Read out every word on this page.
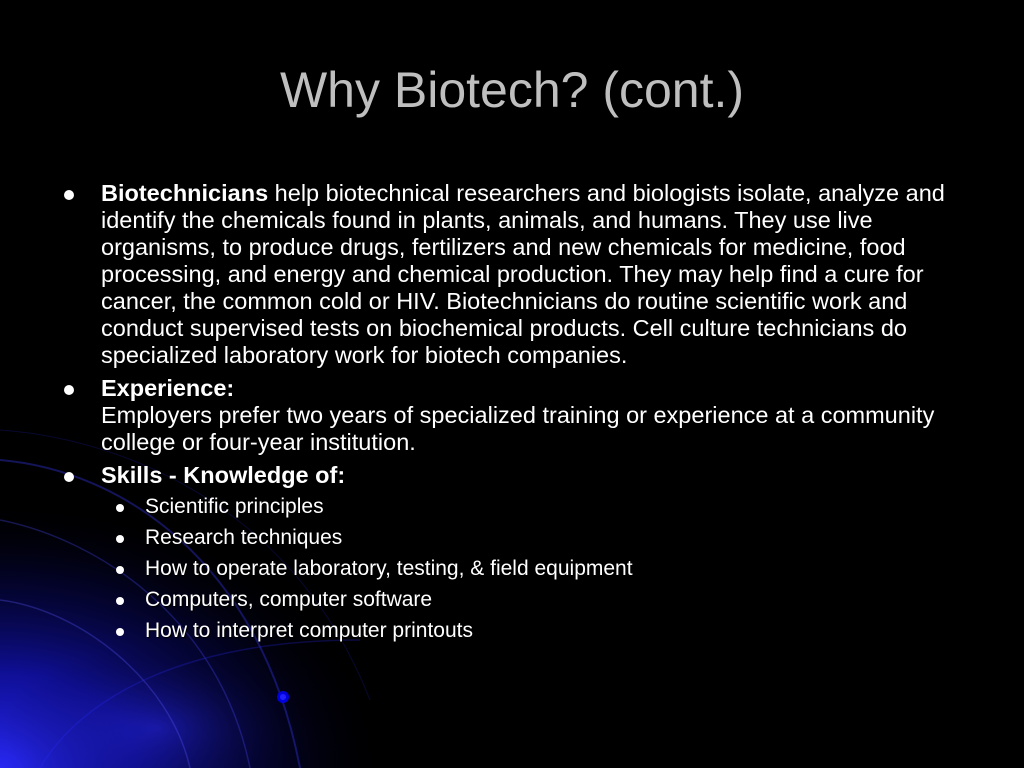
Why Biotech? (cont.)
Biotechnicians help biotechnical researchers and biologists isolate, analyze and identify the chemicals found in plants, animals, and humans. They use live organisms, to produce drugs, fertilizers and new chemicals for medicine, food processing, and energy and chemical production. They may help find a cure for cancer, the common cold or HIV. Biotechnicians do routine scientific work and conduct supervised tests on biochemical products. Cell culture technicians do specialized laboratory work for biotech companies.
Experience:
Employers prefer two years of specialized training or experience at a community college or four-year institution.
Skills - Knowledge of:
Scientific principles
Research techniques
How to operate laboratory, testing, & field equipment
Computers, computer software
How to interpret computer printouts
